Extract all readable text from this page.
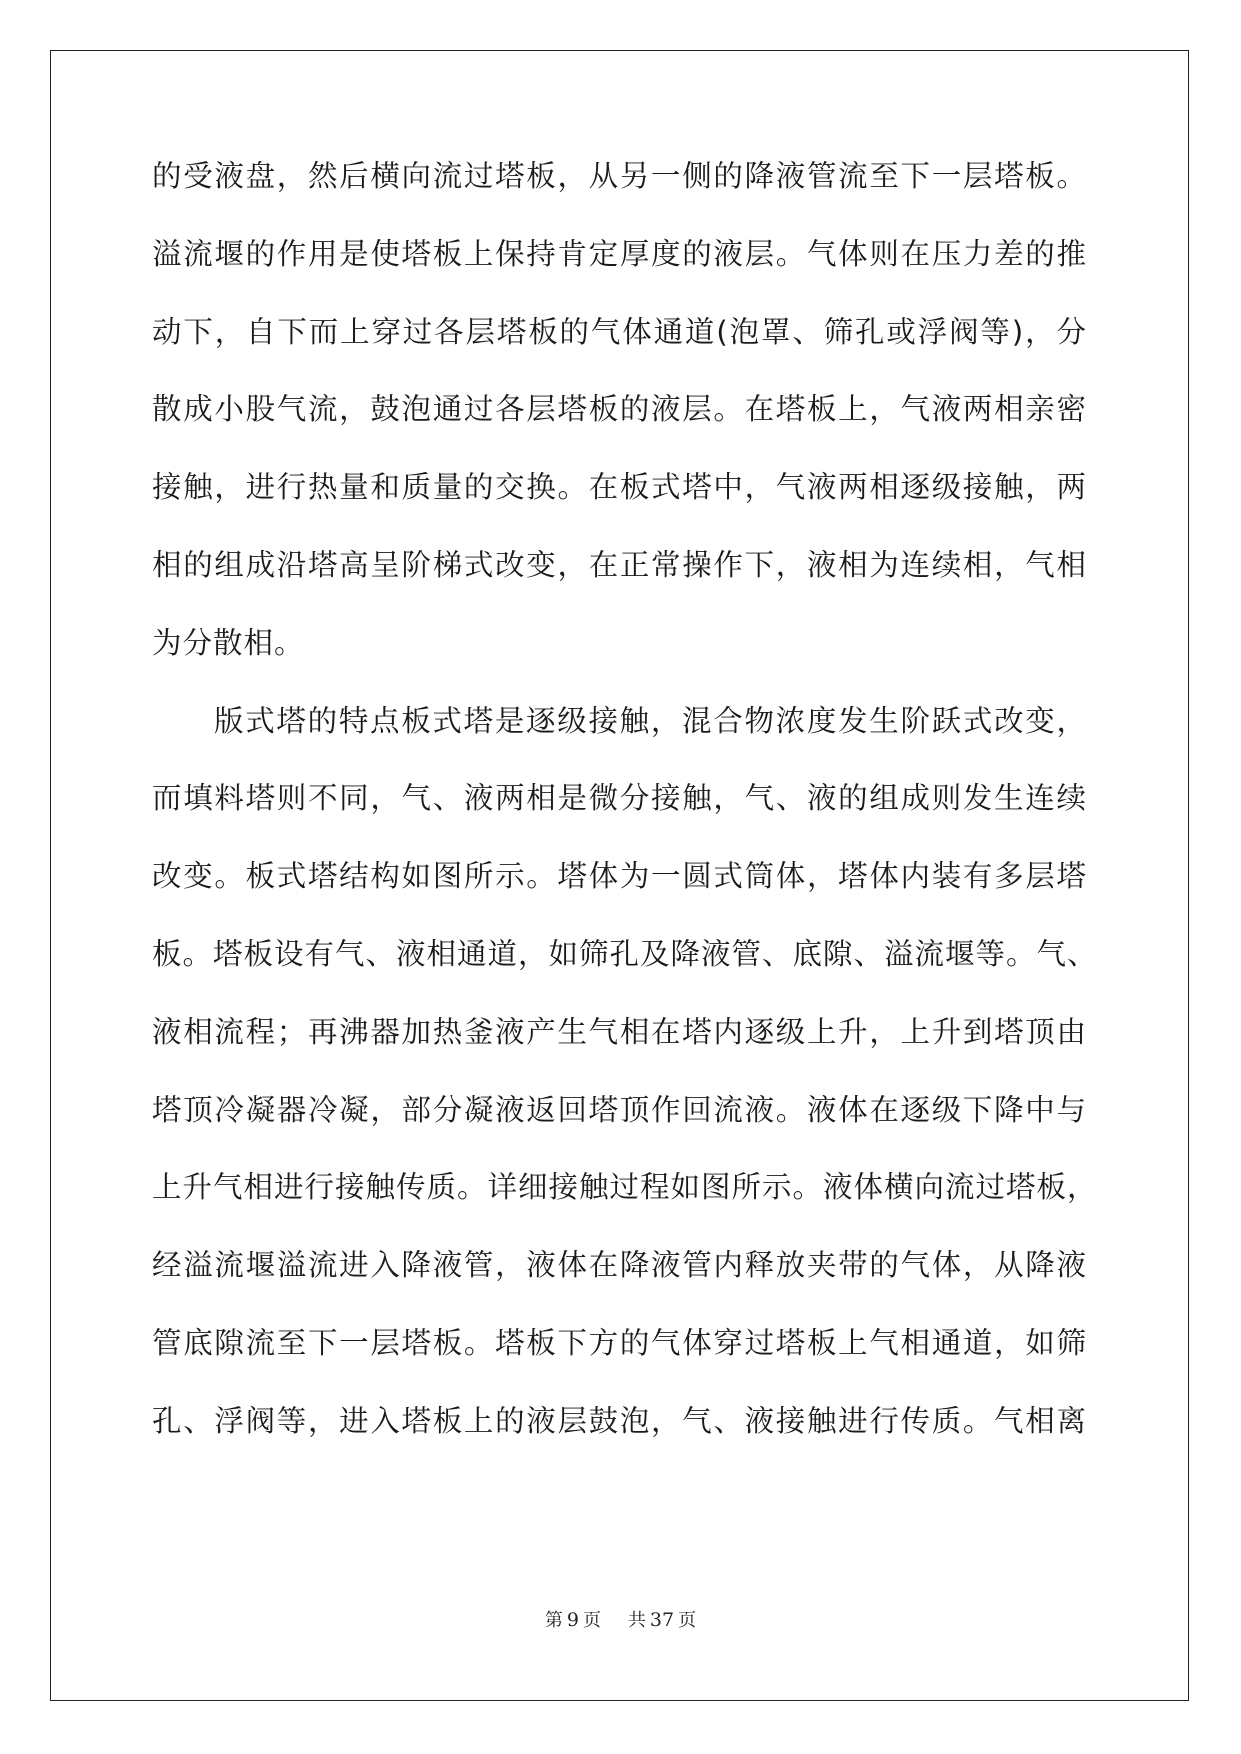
的受液盘，然后横向流过塔板，从另一侧的降液管流至下一层塔板。
溢流堰的作用是使塔板上保持肯定厚度的液层。气体则在压力差的推
动下，自下而上穿过各层塔板的气体通道(泡罩、筛孔或浮阀等)，分
散成小股气流，鼓泡通过各层塔板的液层。在塔板上，气液两相亲密
接触，进行热量和质量的交换。在板式塔中，气液两相逐级接触，两
相的组成沿塔高呈阶梯式改变，在正常操作下，液相为连续相，气相
为分散相。
版式塔的特点板式塔是逐级接触，混合物浓度发生阶跃式改变，
而填料塔则不同，气、液两相是微分接触，气、液的组成则发生连续
改变。板式塔结构如图所示。塔体为一圆式筒体，塔体内装有多层塔
板。塔板设有气、液相通道，如筛孔及降液管、底隙、溢流堰等。气、
液相流程；再沸器加热釜液产生气相在塔内逐级上升，上升到塔顶由
塔顶冷凝器冷凝，部分凝液返回塔顶作回流液。液体在逐级下降中与
上升气相进行接触传质。详细接触过程如图所示。液体横向流过塔板，
经溢流堰溢流进入降液管，液体在降液管内释放夹带的气体，从降液
管底隙流至下一层塔板。塔板下方的气体穿过塔板上气相通道，如筛
孔、浮阀等，进入塔板上的液层鼓泡，气、液接触进行传质。气相离
第 9 页 共 37 页
